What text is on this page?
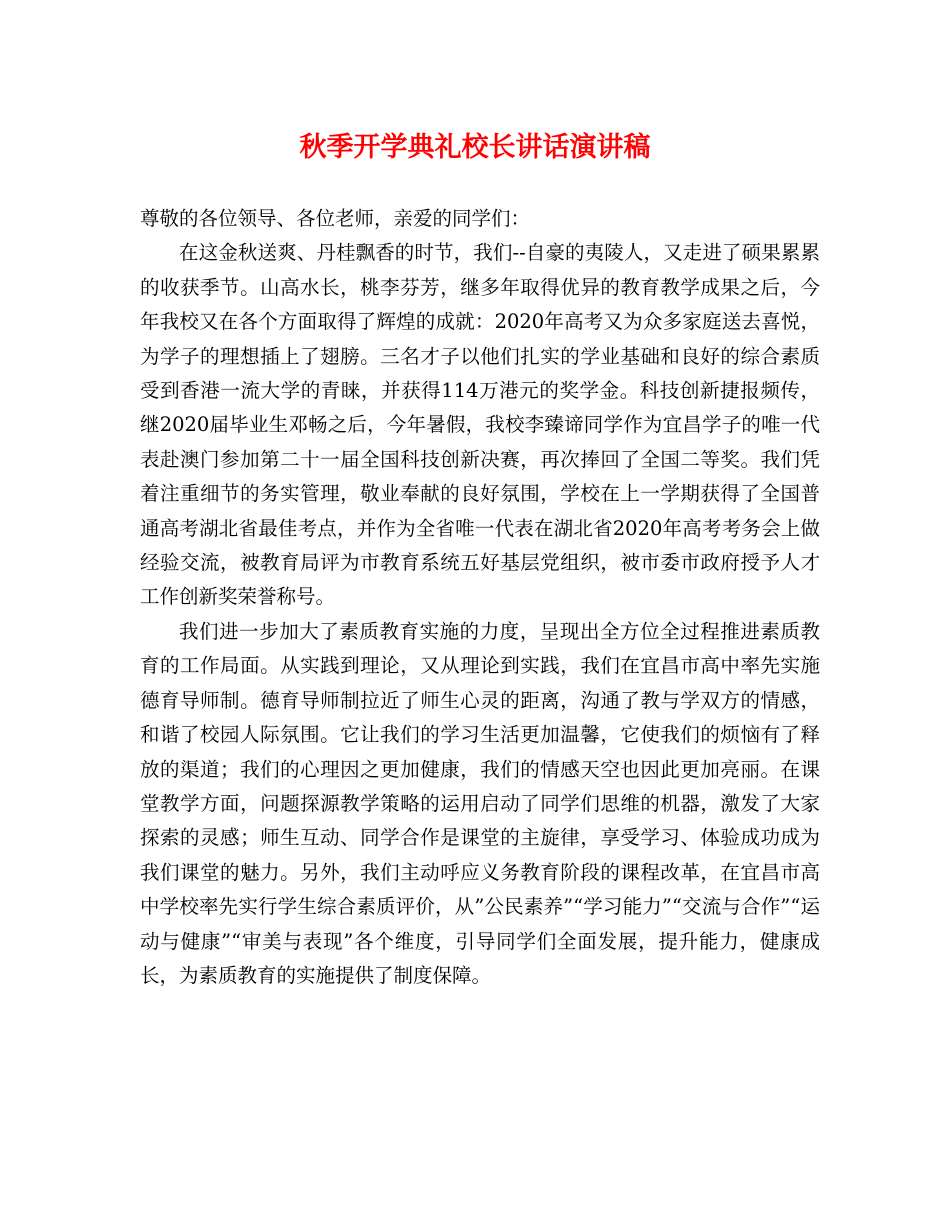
秋季开学典礼校长讲话演讲稿

尊敬的各位领导、各位老师，亲爱的同学们：

在这金秋送爽、丹桂飘香的时节，我们--自豪的夷陵人，又走进了硕果累累的收获季节。山高水长，桃李芬芳，继多年取得优异的教育教学成果之后，今年我校又在各个方面取得了辉煌的成就：2020年高考又为众多家庭送去喜悦，为学子的理想插上了翅膀。三名才子以他们扎实的学业基础和良好的综合素质受到香港一流大学的青睐，并获得114万港元的奖学金。科技创新捷报频传，继2020届毕业生邓畅之后，今年暑假，我校李臻谛同学作为宜昌学子的唯一代表赴澳门参加第二十一届全国科技创新决赛，再次捧回了全国二等奖。我们凭着注重细节的务实管理，敬业奉献的良好氛围，学校在上一学期获得了全国普通高考湖北省最佳考点，并作为全省唯一代表在湖北省2020年高考考务会上做经验交流，被教育局评为市教育系统五好基层党组织，被市委市政府授予人才工作创新奖荣誉称号。

我们进一步加大了素质教育实施的力度，呈现出全方位全过程推进素质教育的工作局面。从实践到理论，又从理论到实践，我们在宜昌市高中率先实施德育导师制。德育导师制拉近了师生心灵的距离，沟通了教与学双方的情感，和谐了校园人际氛围。它让我们的学习生活更加温馨，它使我们的烦恼有了释放的渠道；我们的心理因之更加健康，我们的情感天空也因此更加亮丽。在课堂教学方面，问题探源教学策略的运用启动了同学们思维的机器，激发了大家探索的灵感；师生互动、同学合作是课堂的主旋律，享受学习、体验成功成为我们课堂的魅力。另外，我们主动呼应义务教育阶段的课程改革，在宜昌市高中学校率先实行学生综合素质评价，从”公民素养”“学习能力”“交流与合作”“运动与健康”“审美与表现”各个维度，引导同学们全面发展，提升能力，健康成长，为素质教育的实施提供了制度保障。
